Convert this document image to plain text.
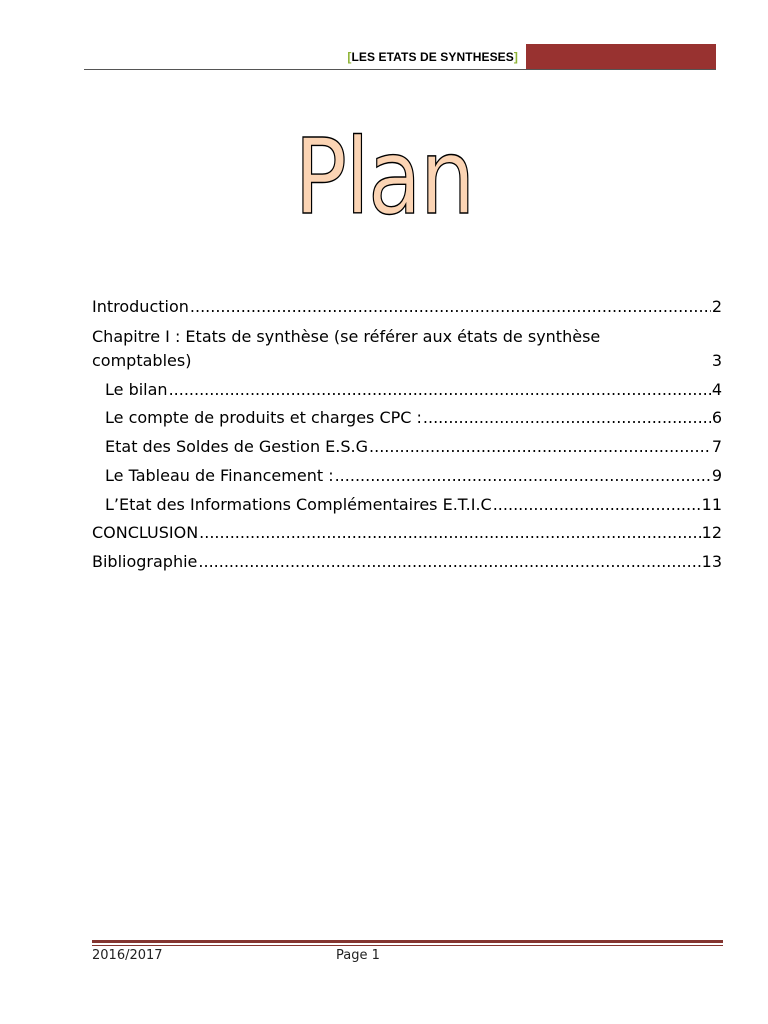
[LES ETATS DE SYNTHESES]
Plan
Introduction .....	2
Chapitre I : Etats de synthèse (se référer aux états de synthèse
comptables)	3
Le bilan .....	4
Le compte de produits et charges CPC : .....	6
Etat des Soldes de Gestion E.S.G .....	7
Le Tableau de Financement : .....	9
L’Etat des Informations Complémentaires E.T.I.C .....	11
CONCLUSION .....	12
Bibliographie .....	13
2016/2017	Page 1
